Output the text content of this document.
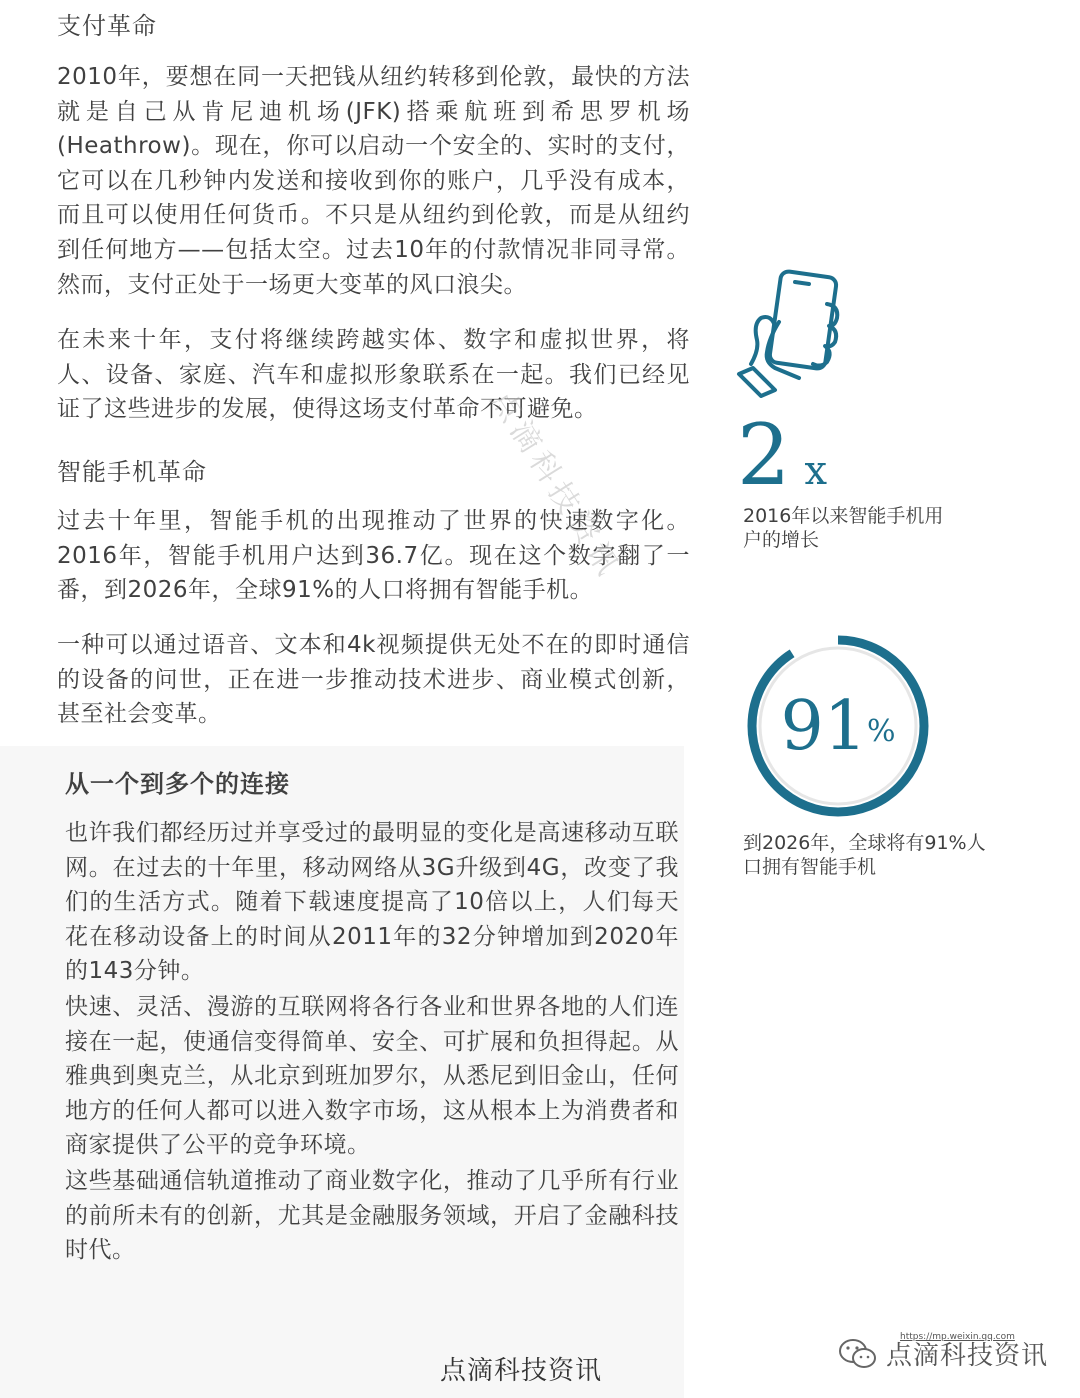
支付革命
2010年，要想在同一天把钱从纽约转移到伦敦，最快的方法就是自己从肯尼迪机场(JFK)搭乘航班到希思罗机场(Heathrow)。现在，你可以启动一个安全的、实时的支付，它可以在几秒钟内发送和接收到你的账户，几乎没有成本，而且可以使用任何货币。不只是从纽约到伦敦，而是从纽约到任何地方——包括太空。过去10年的付款情况非同寻常。然而，支付正处于一场更大变革的风口浪尖。
在未来十年，支付将继续跨越实体、数字和虚拟世界，将人、设备、家庭、汽车和虚拟形象联系在一起。我们已经见证了这些进步的发展，使得这场支付革命不可避免。
智能手机革命
过去十年里，智能手机的出现推动了世界的快速数字化。2016年，智能手机用户达到36.7亿。现在这个数字翻了一番，到2026年，全球91%的人口将拥有智能手机。
一种可以通过语音、文本和4k视频提供无处不在的即时通信的设备的问世，正在进一步推动技术进步、商业模式创新，甚至社会变革。
从一个到多个的连接
也许我们都经历过并享受过的最明显的变化是高速移动互联网。在过去的十年里，移动网络从3G升级到4G，改变了我们的生活方式。随着下载速度提高了10倍以上，人们每天花在移动设备上的时间从2011年的32分钟增加到2020年的143分钟。
快速、灵活、漫游的互联网将各行各业和世界各地的人们连接在一起，使通信变得简单、安全、可扩展和负担得起。从雅典到奥克兰，从北京到班加罗尔，从悉尼到旧金山，任何地方的任何人都可以进入数字市场，这从根本上为消费者和商家提供了公平的竞争环境。
这些基础通信轨道推动了商业数字化，推动了几乎所有行业的前所未有的创新，尤其是金融服务领域，开启了金融科技时代。
点滴科技资讯
点滴科技资讯 2 x
2016年以来智能手机用
户的增长
91 %
到2026年，全球将有91%人
口拥有智能手机
https://mp.weixin.qq.com
点滴科技资讯
